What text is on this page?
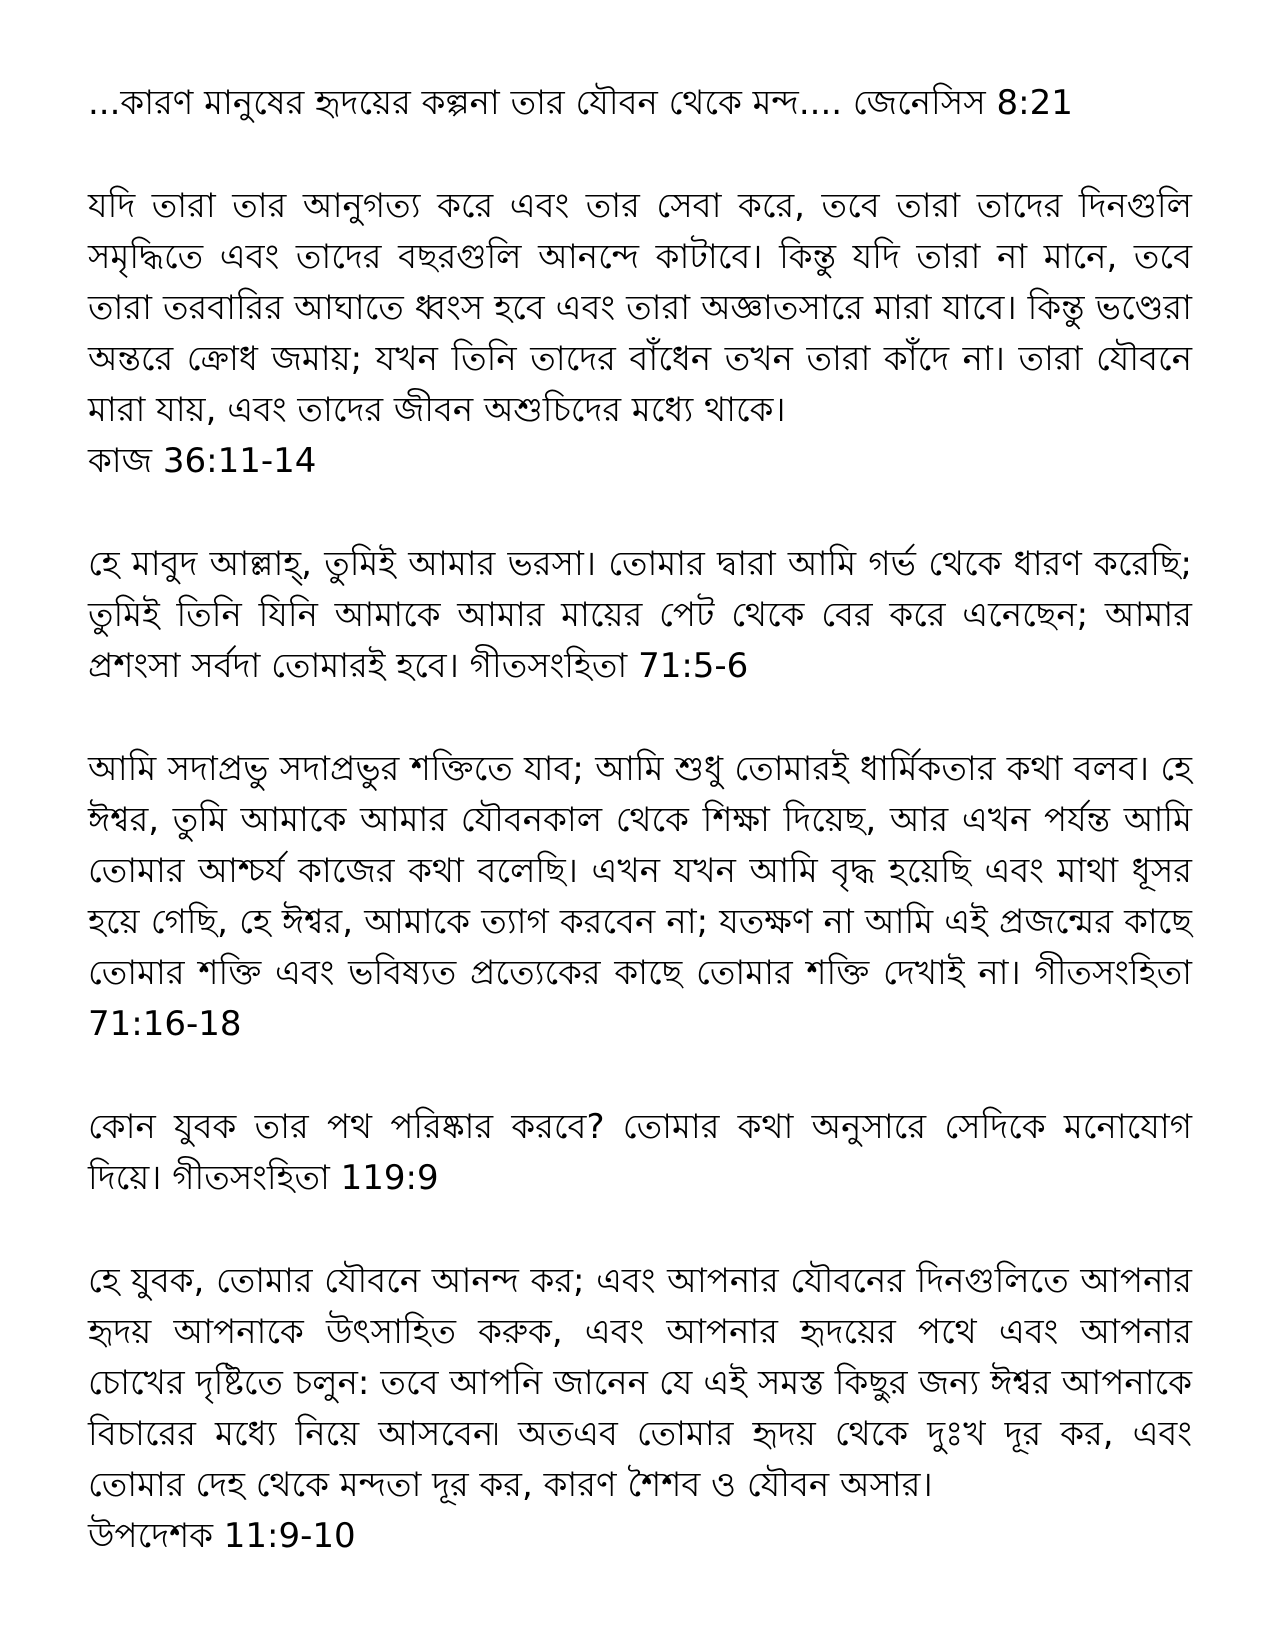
...কারণ মানুষের হৃদয়ের কল্পনা তার যৌবন থেকে মন্দ.... জেনেসিস 8:21

যদি তারা তার আনুগত্য করে এবং তার সেবা করে, তবে তারা তাদের দিনগুলি সমৃদ্ধিতে এবং তাদের বছরগুলি আনন্দে কাটাবে। কিন্তু যদি তারা না মানে, তবে তারা তরবারির আঘাতে ধ্বংস হবে এবং তারা অজ্ঞাতসারে মারা যাবে। কিন্তু ভণ্ডেরা অন্তরে ক্রোধ জমায়; যখন তিনি তাদের বাঁধেন তখন তারা কাঁদে না। তারা যৌবনে মারা যায়, এবং তাদের জীবন অশুচিদের মধ্যে থাকে।

কাজ 36:11-14

হে মাবুদ আল্লাহ্, তুমিই আমার ভরসা। তোমার দ্বারা আমি গর্ভ থেকে ধারণ করেছি; তুমিই তিনি যিনি আমাকে আমার মায়ের পেট থেকে বের করে এনেছেন; আমার প্রশংসা সর্বদা তোমারই হবে। গীতসংহিতা 71:5-6

আমি সদাপ্রভু সদাপ্রভুর শক্তিতে যাব; আমি শুধু তোমারই ধার্মিকতার কথা বলব। হে ঈশ্বর, তুমি আমাকে আমার যৌবনকাল থেকে শিক্ষা দিয়েছ, আর এখন পর্যন্ত আমি তোমার আশ্চর্য কাজের কথা বলেছি। এখন যখন আমি বৃদ্ধ হয়েছি এবং মাথা ধূসর হয়ে গেছি, হে ঈশ্বর, আমাকে ত্যাগ করবেন না; যতক্ষণ না আমি এই প্রজন্মের কাছে তোমার শক্তি এবং ভবিষ্যত প্রত্যেকের কাছে তোমার শক্তি দেখাই না। গীতসংহিতা 71:16-18

কোন যুবক তার পথ পরিষ্কার করবে? তোমার কথা অনুসারে সেদিকে মনোযোগ দিয়ে। গীতসংহিতা 119:9

হে যুবক, তোমার যৌবনে আনন্দ কর; এবং আপনার যৌবনের দিনগুলিতে আপনার হৃদয় আপনাকে উৎসাহিত করুক, এবং আপনার হৃদয়ের পথে এবং আপনার চোখের দৃষ্টিতে চলুন: তবে আপনি জানেন যে এই সমস্ত কিছুর জন্য ঈশ্বর আপনাকে বিচারের মধ্যে নিয়ে আসবেন৷ অতএব তোমার হৃদয় থেকে দুঃখ দূর কর, এবং তোমার দেহ থেকে মন্দতা দূর কর, কারণ শৈশব ও যৌবন অসার।

উপদেশক 11:9-10
